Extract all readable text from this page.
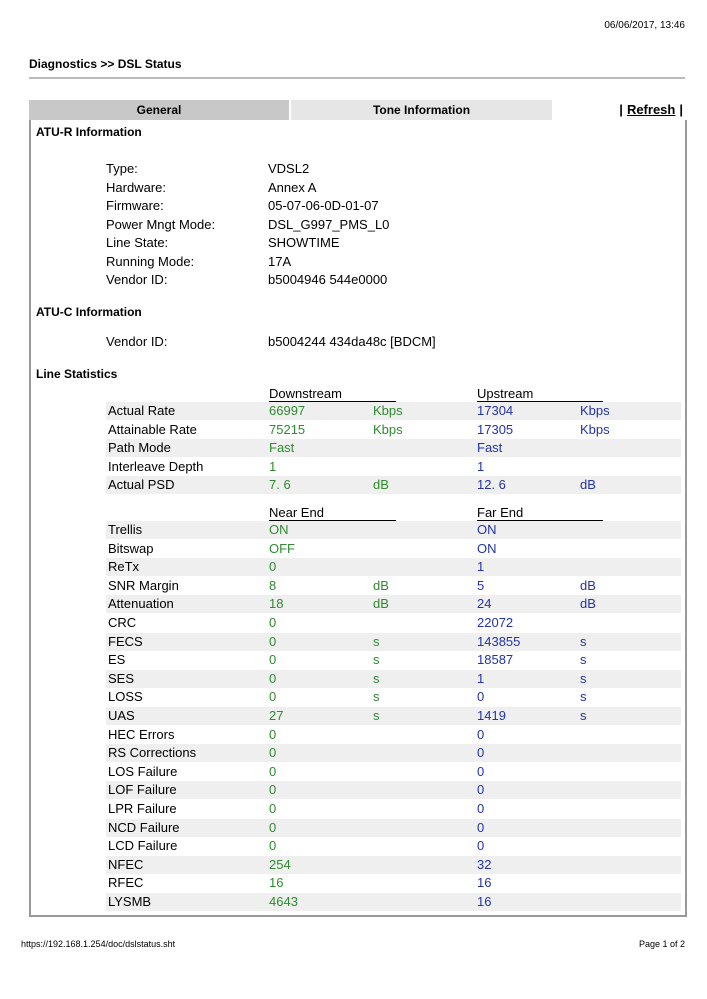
06/06/2017, 13:46
Diagnostics >> DSL Status
General	Tone Information	| Refresh |
ATU-R Information
Type:	VDSL2
Hardware:	Annex A
Firmware:	05-07-06-0D-01-07
Power Mngt Mode:	DSL_G997_PMS_L0
Line State:	SHOWTIME
Running Mode:	17A
Vendor ID:	b5004946 544e0000
ATU-C Information
Vendor ID:	b5004244 434da48c [BDCM]
Line Statistics
Downstream	Upstream
Actual Rate	66997	Kbps	17304	Kbps
Attainable Rate	75215	Kbps	17305	Kbps
Path Mode	Fast	Fast
Interleave Depth	1	1
Actual PSD	7. 6	dB	12. 6	dB
Near End	Far End
Trellis	ON	ON
Bitswap	OFF	ON
ReTx	0	1
SNR Margin	8	dB	5	dB
Attenuation	18	dB	24	dB
CRC	0	22072
FECS	0	s	143855	s
ES	0	s	18587	s
SES	0	s	1	s
LOSS	0	s	0	s
UAS	27	s	1419	s
HEC Errors	0	0
RS Corrections	0	0
LOS Failure	0	0
LOF Failure	0	0
LPR Failure	0	0
NCD Failure	0	0
LCD Failure	0	0
NFEC	254	32
RFEC	16	16
LYSMB	4643	16
https://192.168.1.254/doc/dslstatus.sht	Page 1 of 2
